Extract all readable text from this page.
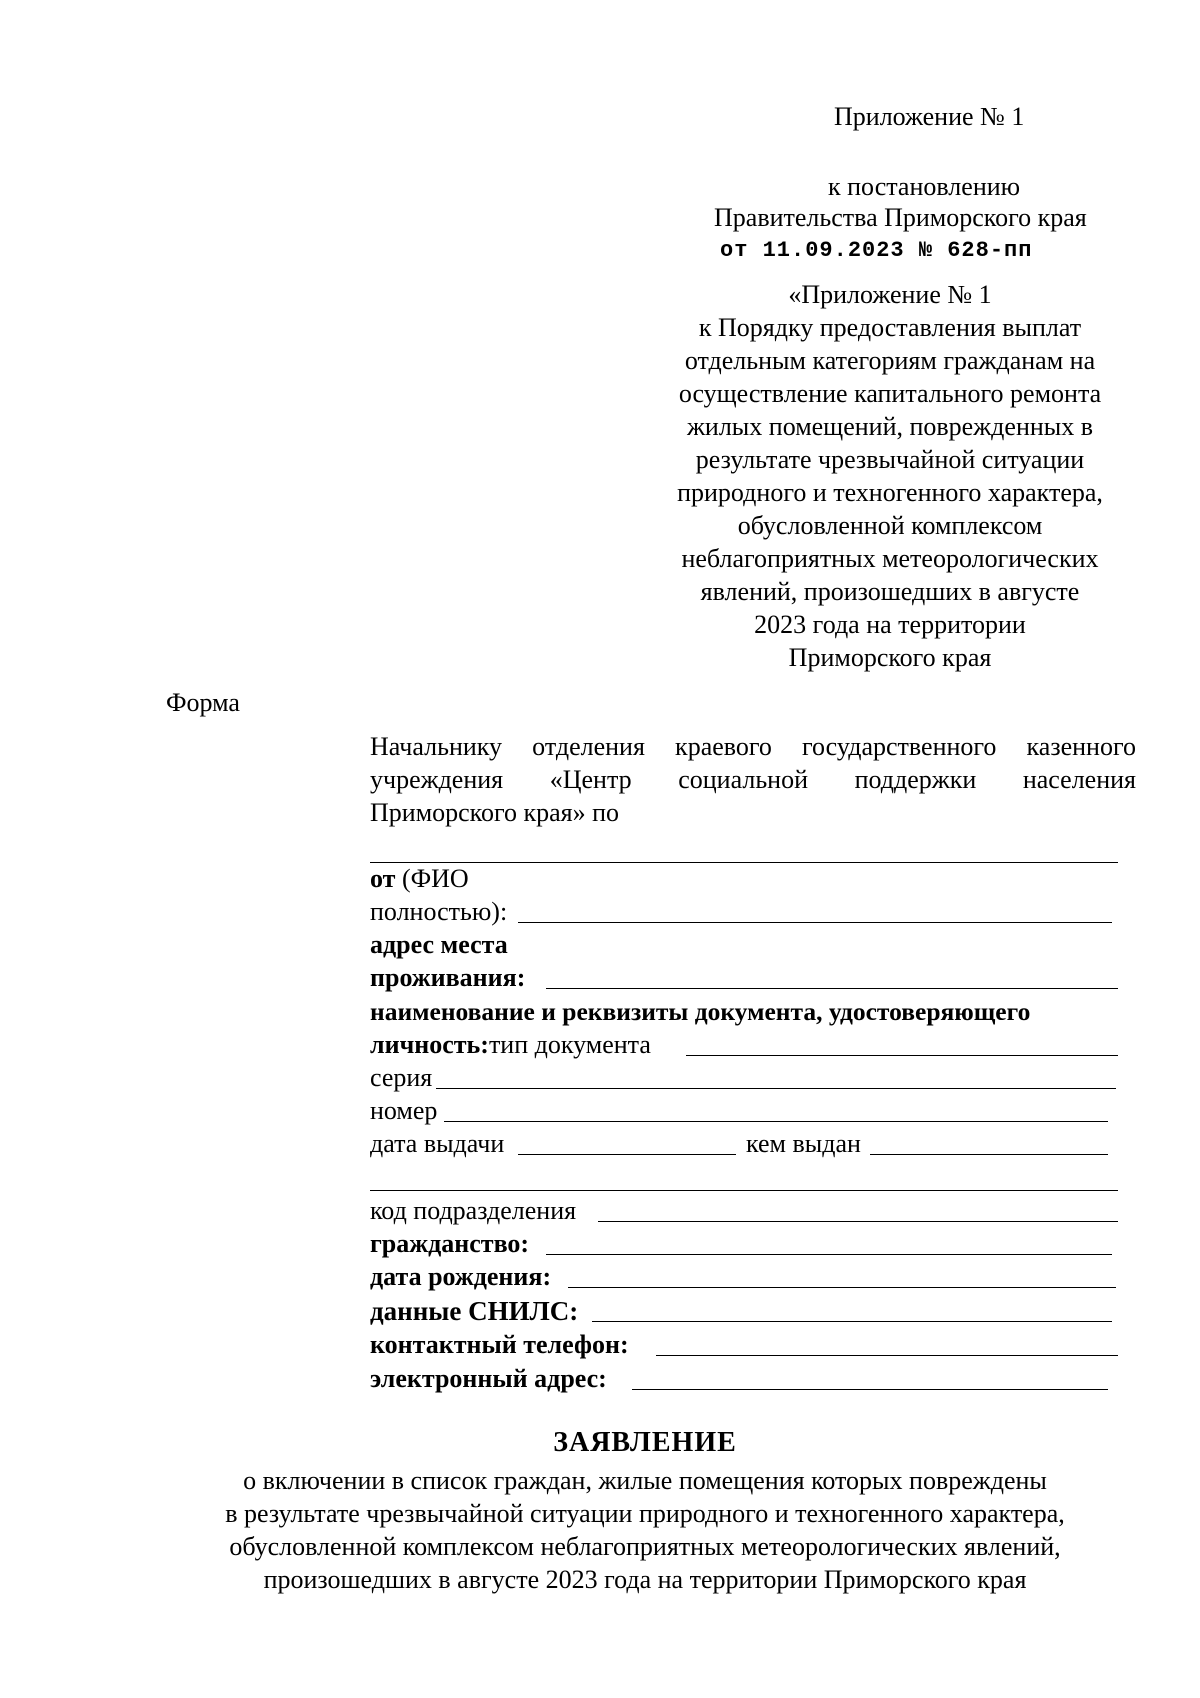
Приложение № 1
к постановлению
Правительства Приморского края
от 11.09.2023 № 628-пп
«Приложение № 1
к Порядку предоставления выплат
отдельным категориям гражданам на
осуществление капитального ремонта
жилых помещений, поврежденных в
результате чрезвычайной ситуации
природного и техногенного характера,
обусловленной комплексом
неблагоприятных метеорологических
явлений, произошедших в августе
2023 года на территории
Приморского края
Форма
Начальнику отделения краевого государственного казенного
учреждения «Центр социальной поддержки населения
Приморского края» по
от (ФИО
полностью):
адрес места
проживания:
наименование и реквизиты документа, удостоверяющего
личность:тип документа
серия
номер
дата выдачи	кем выдан
код подразделения
гражданство:
дата рождения:
данные СНИЛС:
контактный телефон:
электронный адрес:
ЗАЯВЛЕНИЕ
о включении в список граждан, жилые помещения которых повреждены
в результате чрезвычайной ситуации природного и техногенного характера,
обусловленной комплексом неблагоприятных метеорологических явлений,
произошедших в августе 2023 года на территории Приморского края
